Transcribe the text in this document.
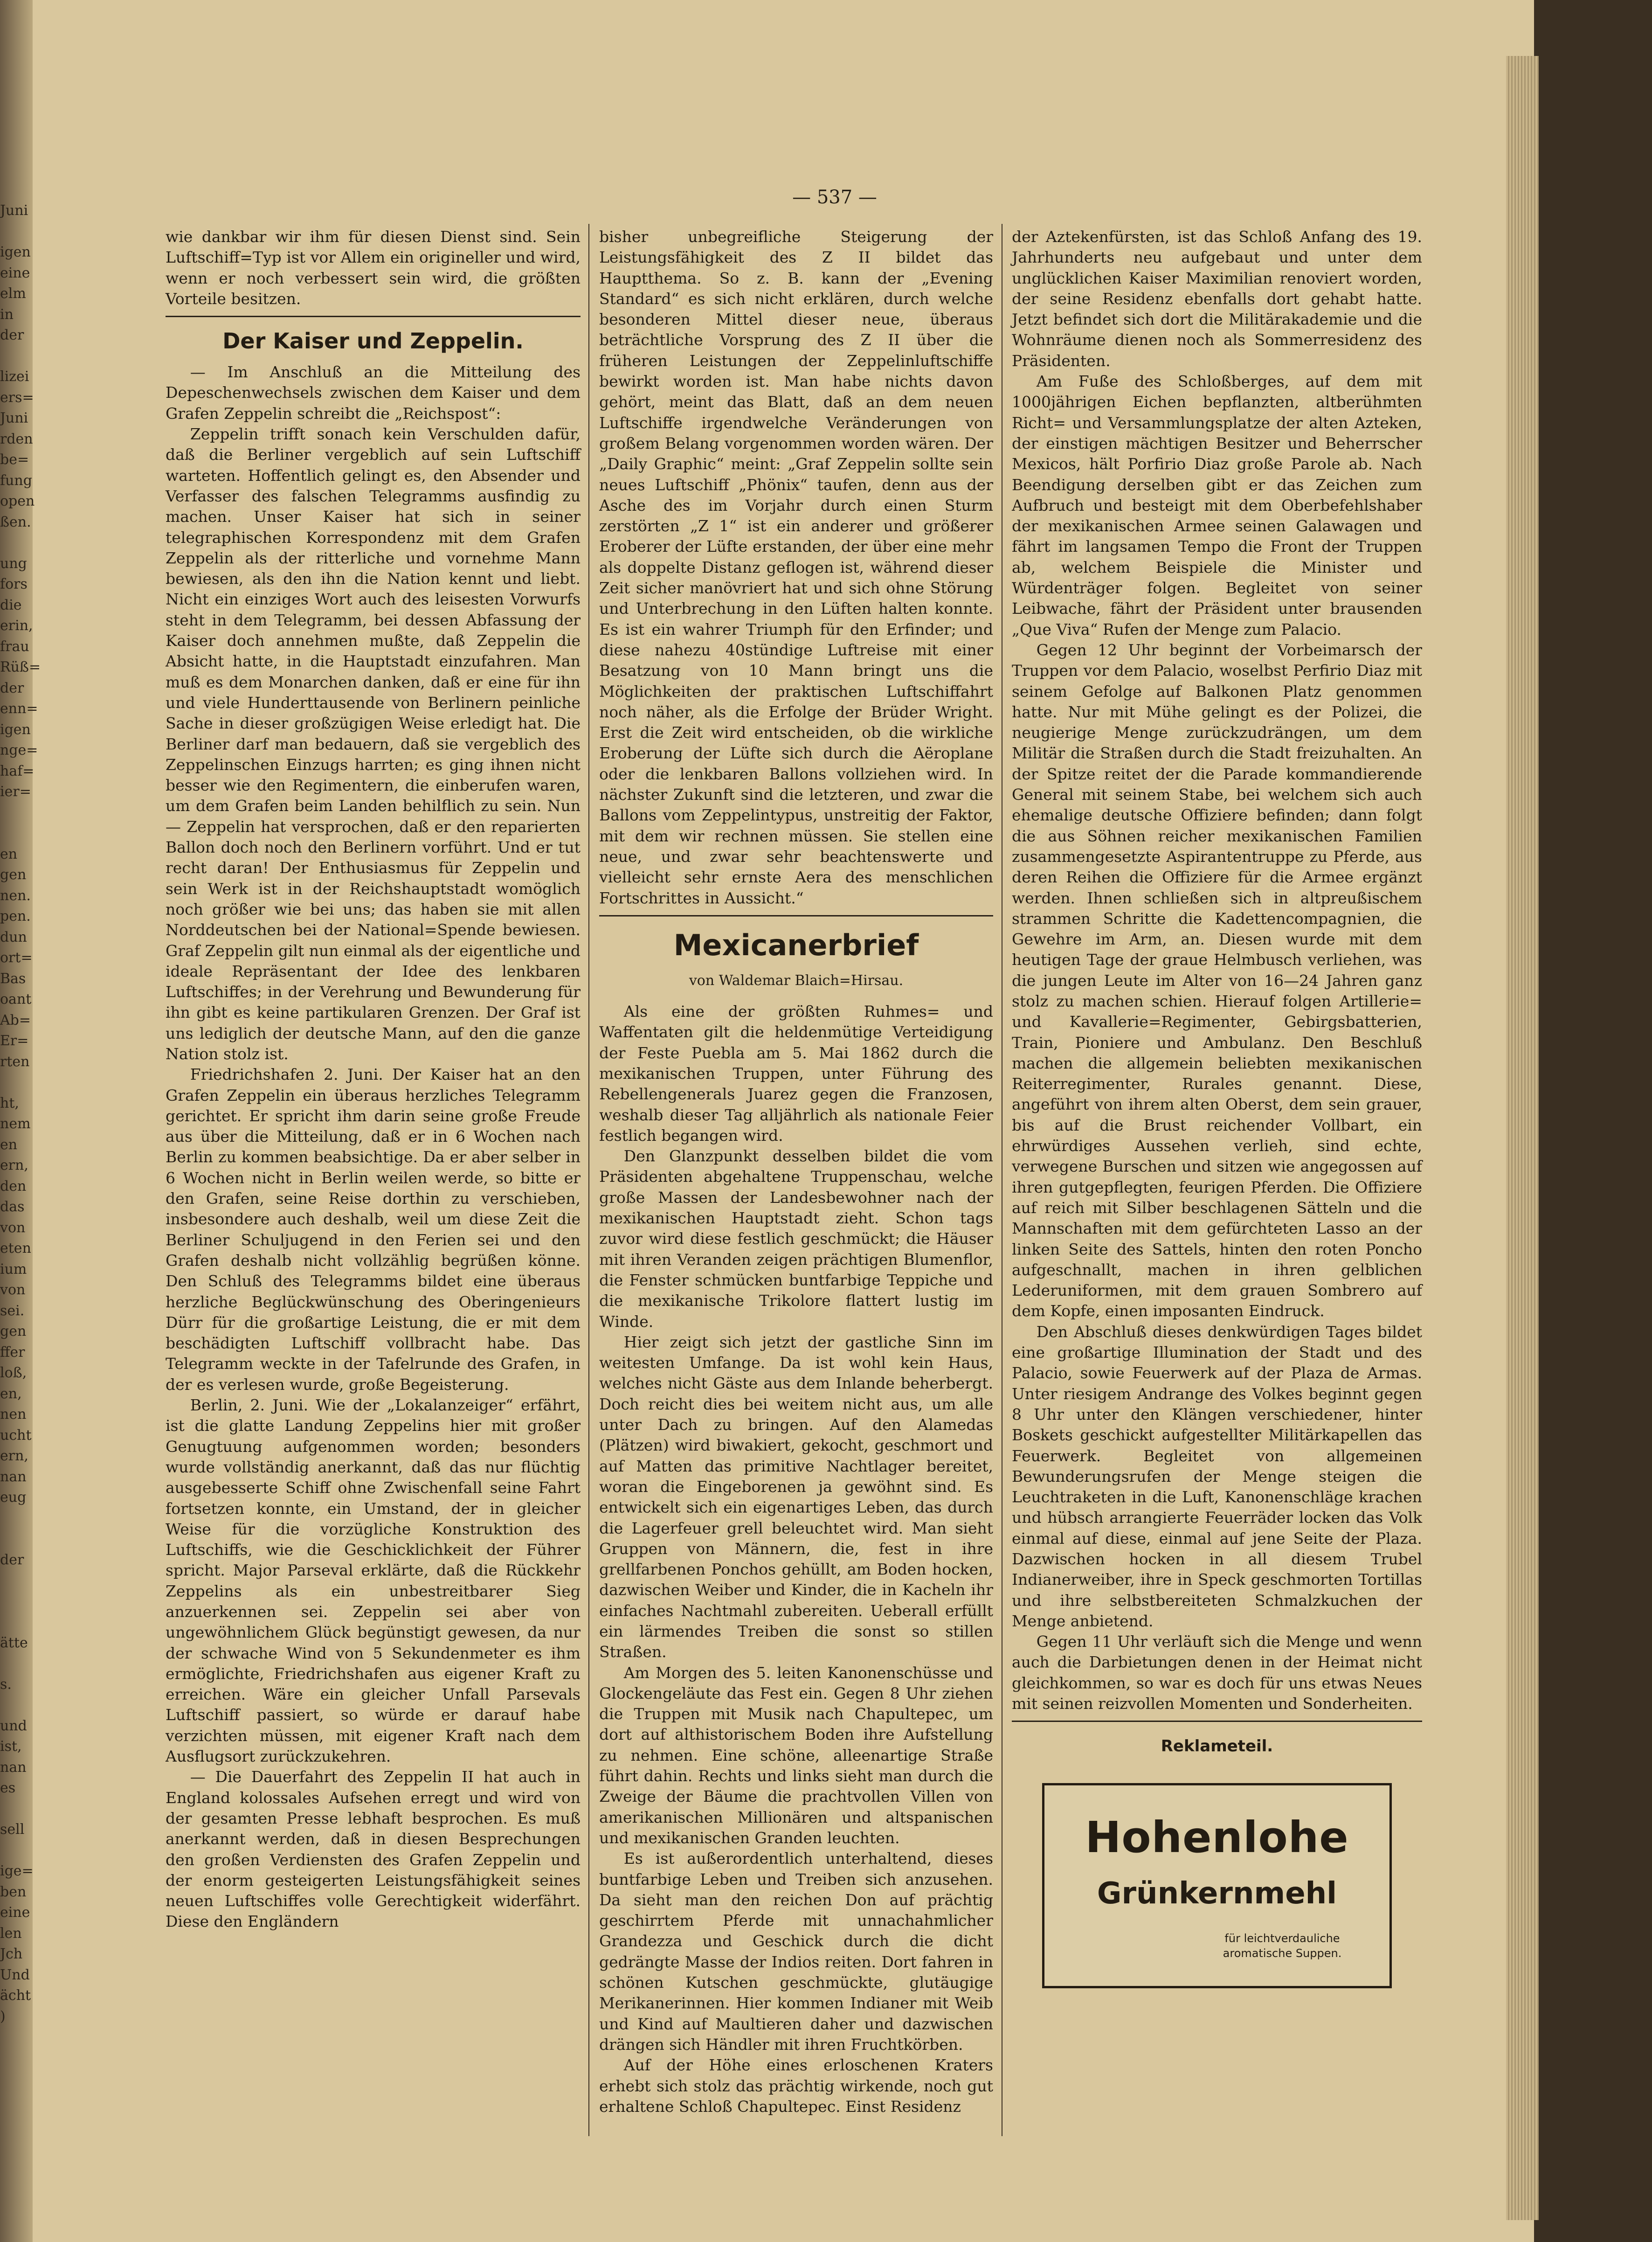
Juni

igen
eine
elm
in
der

lizei
ers=
Juni
rden
be=
fung
open
ßen.

ung
fors
die
erin,
frau
Rüß=
der
enn=
igen
nge=
haf=
ier=

en
gen
nen.
pen.
dun
ort=
Bas
oant
Ab=
Er=
rten

ht,
nem
en
ern,
den
das
von
eten
ium
von
sei.
gen
ffer
loß,
en,
nen
ucht
ern,
nan
eug

der

ätte

s.

und
ist,
nan
es

sell

ige=
ben
eine
len
Jch
Und
ächt
)
— 537 —

wie dankbar wir ihm für diesen Dienst sind. Sein Luftschiff=Typ ist vor Allem ein origineller und wird, wenn er noch verbessert sein wird, die größten Vorteile besitzen.

Der Kaiser und Zeppelin.

— Im Anschluß an die Mitteilung des Depeschenwechsels zwischen dem Kaiser und dem Grafen Zeppelin schreibt die „Reichspost“:

Zeppelin trifft sonach kein Verschulden dafür, daß die Berliner vergeblich auf sein Luftschiff warteten. Hoffentlich gelingt es, den Absender und Verfasser des falschen Telegramms ausfindig zu machen. Unser Kaiser hat sich in seiner telegraphischen Korrespondenz mit dem Grafen Zeppelin als der ritterliche und vornehme Mann bewiesen, als den ihn die Nation kennt und liebt. Nicht ein einziges Wort auch des leisesten Vorwurfs steht in dem Telegramm, bei dessen Abfassung der Kaiser doch annehmen mußte, daß Zeppelin die Absicht hatte, in die Hauptstadt einzufahren. Man muß es dem Monarchen danken, daß er eine für ihn und viele Hunderttausende von Berlinern peinliche Sache in dieser großzügigen Weise erledigt hat. Die Berliner darf man bedauern, daß sie vergeblich des Zeppelinschen Einzugs harrten; es ging ihnen nicht besser wie den Regimentern, die einberufen waren, um dem Grafen beim Landen behilflich zu sein. Nun — Zeppelin hat versprochen, daß er den reparierten Ballon doch noch den Berlinern vorführt. Und er tut recht daran! Der Enthusiasmus für Zeppelin und sein Werk ist in der Reichshauptstadt womöglich noch größer wie bei uns; das haben sie mit allen Norddeutschen bei der National=Spende bewiesen. Graf Zeppelin gilt nun einmal als der eigentliche und ideale Repräsentant der Idee des lenkbaren Luftschiffes; in der Verehrung und Bewunderung für ihn gibt es keine partikularen Grenzen. Der Graf ist uns lediglich der deutsche Mann, auf den die ganze Nation stolz ist.

Friedrichshafen 2. Juni. Der Kaiser hat an den Grafen Zeppelin ein überaus herzliches Telegramm gerichtet. Er spricht ihm darin seine große Freude aus über die Mitteilung, daß er in 6 Wochen nach Berlin zu kommen beabsichtige. Da er aber selber in 6 Wochen nicht in Berlin weilen werde, so bitte er den Grafen, seine Reise dorthin zu verschieben, insbesondere auch deshalb, weil um diese Zeit die Berliner Schuljugend in den Ferien sei und den Grafen deshalb nicht vollzählig begrüßen könne. Den Schluß des Telegramms bildet eine überaus herzliche Beglückwünschung des Oberingenieurs Dürr für die großartige Leistung, die er mit dem beschädigten Luftschiff vollbracht habe. Das Telegramm weckte in der Tafelrunde des Grafen, in der es verlesen wurde, große Begeisterung.

Berlin, 2. Juni. Wie der „Lokalanzeiger“ erfährt, ist die glatte Landung Zeppelins hier mit großer Genugtuung aufgenommen worden; besonders wurde vollständig anerkannt, daß das nur flüchtig ausgebesserte Schiff ohne Zwischenfall seine Fahrt fortsetzen konnte, ein Umstand, der in gleicher Weise für die vorzügliche Konstruktion des Luftschiffs, wie die Geschicklichkeit der Führer spricht. Major Parseval erklärte, daß die Rückkehr Zeppelins als ein unbestreitbarer Sieg anzuerkennen sei. Zeppelin sei aber von ungewöhnlichem Glück begünstigt gewesen, da nur der schwache Wind von 5 Sekundenmeter es ihm ermöglichte, Friedrichshafen aus eigener Kraft zu erreichen. Wäre ein gleicher Unfall Parsevals Luftschiff passiert, so würde er darauf habe verzichten müssen, mit eigener Kraft nach dem Ausflugsort zurückzukehren.

— Die Dauerfahrt des Zeppelin II hat auch in England kolossales Aufsehen erregt und wird von der gesamten Presse lebhaft besprochen. Es muß anerkannt werden, daß in diesen Besprechungen den großen Verdiensten des Grafen Zeppelin und der enorm gesteigerten Leistungsfähigkeit seines neuen Luftschiffes volle Gerechtigkeit widerfährt. Diese den Engländern

bisher unbegreifliche Steigerung der Leistungsfähigkeit des Z II bildet das Hauptthema. So z. B. kann der „Evening Standard“ es sich nicht erklären, durch welche besonderen Mittel dieser neue, überaus beträchtliche Vorsprung des Z II über die früheren Leistungen der Zeppelinluftschiffe bewirkt worden ist. Man habe nichts davon gehört, meint das Blatt, daß an dem neuen Luftschiffe irgendwelche Veränderungen von großem Belang vorgenommen worden wären. Der „Daily Graphic“ meint: „Graf Zeppelin sollte sein neues Luftschiff „Phönix“ taufen, denn aus der Asche des im Vorjahr durch einen Sturm zerstörten „Z 1“ ist ein anderer und größerer Eroberer der Lüfte erstanden, der über eine mehr als doppelte Distanz geflogen ist, während dieser Zeit sicher manövriert hat und sich ohne Störung und Unterbrechung in den Lüften halten konnte. Es ist ein wahrer Triumph für den Erfinder; und diese nahezu 40stündige Luftreise mit einer Besatzung von 10 Mann bringt uns die Möglichkeiten der praktischen Luftschiffahrt noch näher, als die Erfolge der Brüder Wright. Erst die Zeit wird entscheiden, ob die wirkliche Eroberung der Lüfte sich durch die Aëroplane oder die lenkbaren Ballons vollziehen wird. In nächster Zukunft sind die letzteren, und zwar die Ballons vom Zeppelintypus, unstreitig der Faktor, mit dem wir rechnen müssen. Sie stellen eine neue, und zwar sehr beachtenswerte und vielleicht sehr ernste Aera des menschlichen Fortschrittes in Aussicht.“

Mexicanerbrief
von Waldemar Blaich=Hirsau.

Als eine der größten Ruhmes= und Waffentaten gilt die heldenmütige Verteidigung der Feste Puebla am 5. Mai 1862 durch die mexikanischen Truppen, unter Führung des Rebellengenerals Juarez gegen die Franzosen, weshalb dieser Tag alljährlich als nationale Feier festlich begangen wird.

Den Glanzpunkt desselben bildet die vom Präsidenten abgehaltene Truppenschau, welche große Massen der Landesbewohner nach der mexikanischen Hauptstadt zieht. Schon tags zuvor wird diese festlich geschmückt; die Häuser mit ihren Veranden zeigen prächtigen Blumenflor, die Fenster schmücken buntfarbige Teppiche und die mexikanische Trikolore flattert lustig im Winde.

Hier zeigt sich jetzt der gastliche Sinn im weitesten Umfange. Da ist wohl kein Haus, welches nicht Gäste aus dem Inlande beherbergt. Doch reicht dies bei weitem nicht aus, um alle unter Dach zu bringen. Auf den Alamedas (Plätzen) wird biwakiert, gekocht, geschmort und auf Matten das primitive Nachtlager bereitet, woran die Eingeborenen ja gewöhnt sind. Es entwickelt sich ein eigenartiges Leben, das durch die Lagerfeuer grell beleuchtet wird. Man sieht Gruppen von Männern, die, fest in ihre grellfarbenen Ponchos gehüllt, am Boden hocken, dazwischen Weiber und Kinder, die in Kacheln ihr einfaches Nachtmahl zubereiten. Ueberall erfüllt ein lärmendes Treiben die sonst so stillen Straßen.

Am Morgen des 5. leiten Kanonenschüsse und Glockengeläute das Fest ein. Gegen 8 Uhr ziehen die Truppen mit Musik nach Chapultepec, um dort auf althistorischem Boden ihre Aufstellung zu nehmen. Eine schöne, alleenartige Straße führt dahin. Rechts und links sieht man durch die Zweige der Bäume die prachtvollen Villen von amerikanischen Millionären und altspanischen und mexikanischen Granden leuchten.

Es ist außerordentlich unterhaltend, dieses buntfarbige Leben und Treiben sich anzusehen. Da sieht man den reichen Don auf prächtig geschirrtem Pferde mit unnachahmlicher Grandezza und Geschick durch die dicht gedrängte Masse der Indios reiten. Dort fahren in schönen Kutschen geschmückte, glutäugige Merikanerinnen. Hier kommen Indianer mit Weib und Kind auf Maultieren daher und dazwischen drängen sich Händler mit ihren Fruchtkörben.

Auf der Höhe eines erloschenen Kraters erhebt sich stolz das prächtig wirkende, noch gut erhaltene Schloß Chapultepec. Einst Residenz

der Aztekenfürsten, ist das Schloß Anfang des 19. Jahrhunderts neu aufgebaut und unter dem unglücklichen Kaiser Maximilian renoviert worden, der seine Residenz ebenfalls dort gehabt hatte. Jetzt befindet sich dort die Militärakademie und die Wohnräume dienen noch als Sommerresidenz des Präsidenten.

Am Fuße des Schloßberges, auf dem mit 1000jährigen Eichen bepflanzten, altberühmten Richt= und Versammlungsplatze der alten Azteken, der einstigen mächtigen Besitzer und Beherrscher Mexicos, hält Porfirio Diaz große Parole ab. Nach Beendigung derselben gibt er das Zeichen zum Aufbruch und besteigt mit dem Oberbefehlshaber der mexikanischen Armee seinen Galawagen und fährt im langsamen Tempo die Front der Truppen ab, welchem Beispiele die Minister und Würdenträger folgen. Begleitet von seiner Leibwache, fährt der Präsident unter brausenden „Que Viva“ Rufen der Menge zum Palacio.

Gegen 12 Uhr beginnt der Vorbeimarsch der Truppen vor dem Palacio, woselbst Perfirio Diaz mit seinem Gefolge auf Balkonen Platz genommen hatte. Nur mit Mühe gelingt es der Polizei, die neugierige Menge zurückzudrängen, um dem Militär die Straßen durch die Stadt freizuhalten. An der Spitze reitet der die Parade kommandierende General mit seinem Stabe, bei welchem sich auch ehemalige deutsche Offiziere befinden; dann folgt die aus Söhnen reicher mexikanischen Familien zusammengesetzte Aspirantentruppe zu Pferde, aus deren Reihen die Offiziere für die Armee ergänzt werden. Ihnen schließen sich in altpreußischem strammen Schritte die Kadettencompagnien, die Gewehre im Arm, an. Diesen wurde mit dem heutigen Tage der graue Helmbusch verliehen, was die jungen Leute im Alter von 16—24 Jahren ganz stolz zu machen schien. Hierauf folgen Artillerie= und Kavallerie=Regimenter, Gebirgsbatterien, Train, Pioniere und Ambulanz. Den Beschluß machen die allgemein beliebten mexikanischen Reiterregimenter, Rurales genannt. Diese, angeführt von ihrem alten Oberst, dem sein grauer, bis auf die Brust reichender Vollbart, ein ehrwürdiges Aussehen verlieh, sind echte, verwegene Burschen und sitzen wie angegossen auf ihren gutgepflegten, feurigen Pferden. Die Offiziere auf reich mit Silber beschlagenen Sätteln und die Mannschaften mit dem gefürchteten Lasso an der linken Seite des Sattels, hinten den roten Poncho aufgeschnallt, machen in ihren gelblichen Lederuniformen, mit dem grauen Sombrero auf dem Kopfe, einen imposanten Eindruck.

Den Abschluß dieses denkwürdigen Tages bildet eine großartige Illumination der Stadt und des Palacio, sowie Feuerwerk auf der Plaza de Armas. Unter riesigem Andrange des Volkes beginnt gegen 8 Uhr unter den Klängen verschiedener, hinter Boskets geschickt aufgestellter Militärkapellen das Feuerwerk. Begleitet von allgemeinen Bewunderungsrufen der Menge steigen die Leuchtraketen in die Luft, Kanonenschläge krachen und hübsch arrangierte Feuerräder locken das Volk einmal auf diese, einmal auf jene Seite der Plaza. Dazwischen hocken in all diesem Trubel Indianerweiber, ihre in Speck geschmorten Tortillas und ihre selbstbereiteten Schmalzkuchen der Menge anbietend.

Gegen 11 Uhr verläuft sich die Menge und wenn auch die Darbietungen denen in der Heimat nicht gleichkommen, so war es doch für uns etwas Neues mit seinen reizvollen Momenten und Sonderheiten.

Reklameteil.
Hohenlohe
Grünkernmehl
für leichtverdauliche aromatische Suppen.
